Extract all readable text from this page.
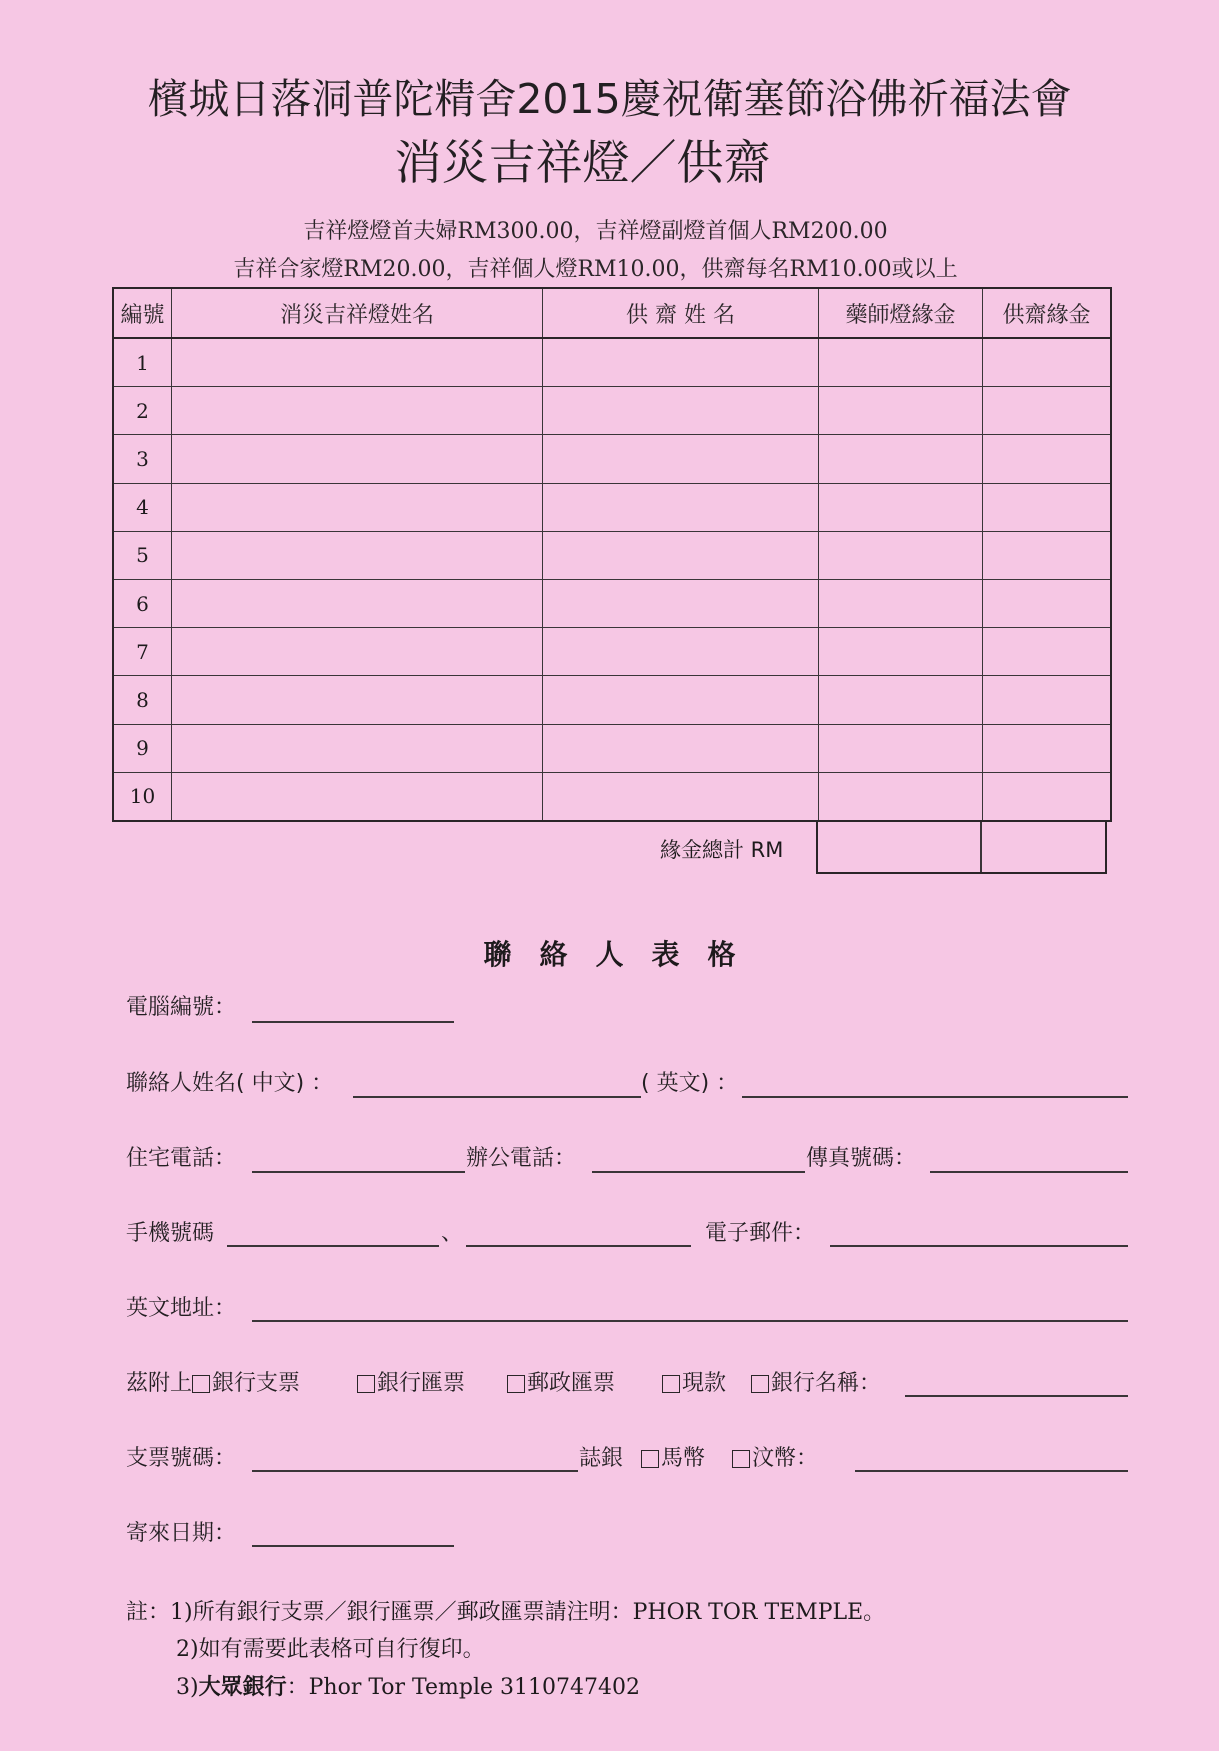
檳城日落洞普陀精舍2015慶祝衛塞節浴佛祈福法會
消災吉祥燈／供齋
吉祥燈燈首夫婦RM300.00，吉祥燈副燈首個人RM200.00
吉祥合家燈RM20.00，吉祥個人燈RM10.00，供齋每名RM10.00或以上
編號	消災吉祥燈姓名	供 齋 姓 名	藥師燈緣金	供齋緣金
1				
2				
3				
4				
5				
6				
7				
8				
9				
10				
緣金總計 RM
聯絡人表格
電腦編號：
聯絡人姓名( 中文) ：	( 英文) ：
住宅電話：	辦公電話：	傳真號碼：
手機號碼	、	電子郵件：
英文地址：
茲附上 銀行支票	銀行匯票	郵政匯票	現款	銀行名稱：
支票號碼：	誌銀	馬幣	汶幣：
寄來日期：
註：1)所有銀行支票／銀行匯票／郵政匯票請注明：PHOR TOR TEMPLE。
2)如有需要此表格可自行復印。
3)大眾銀行：Phor Tor Temple 3110747402
